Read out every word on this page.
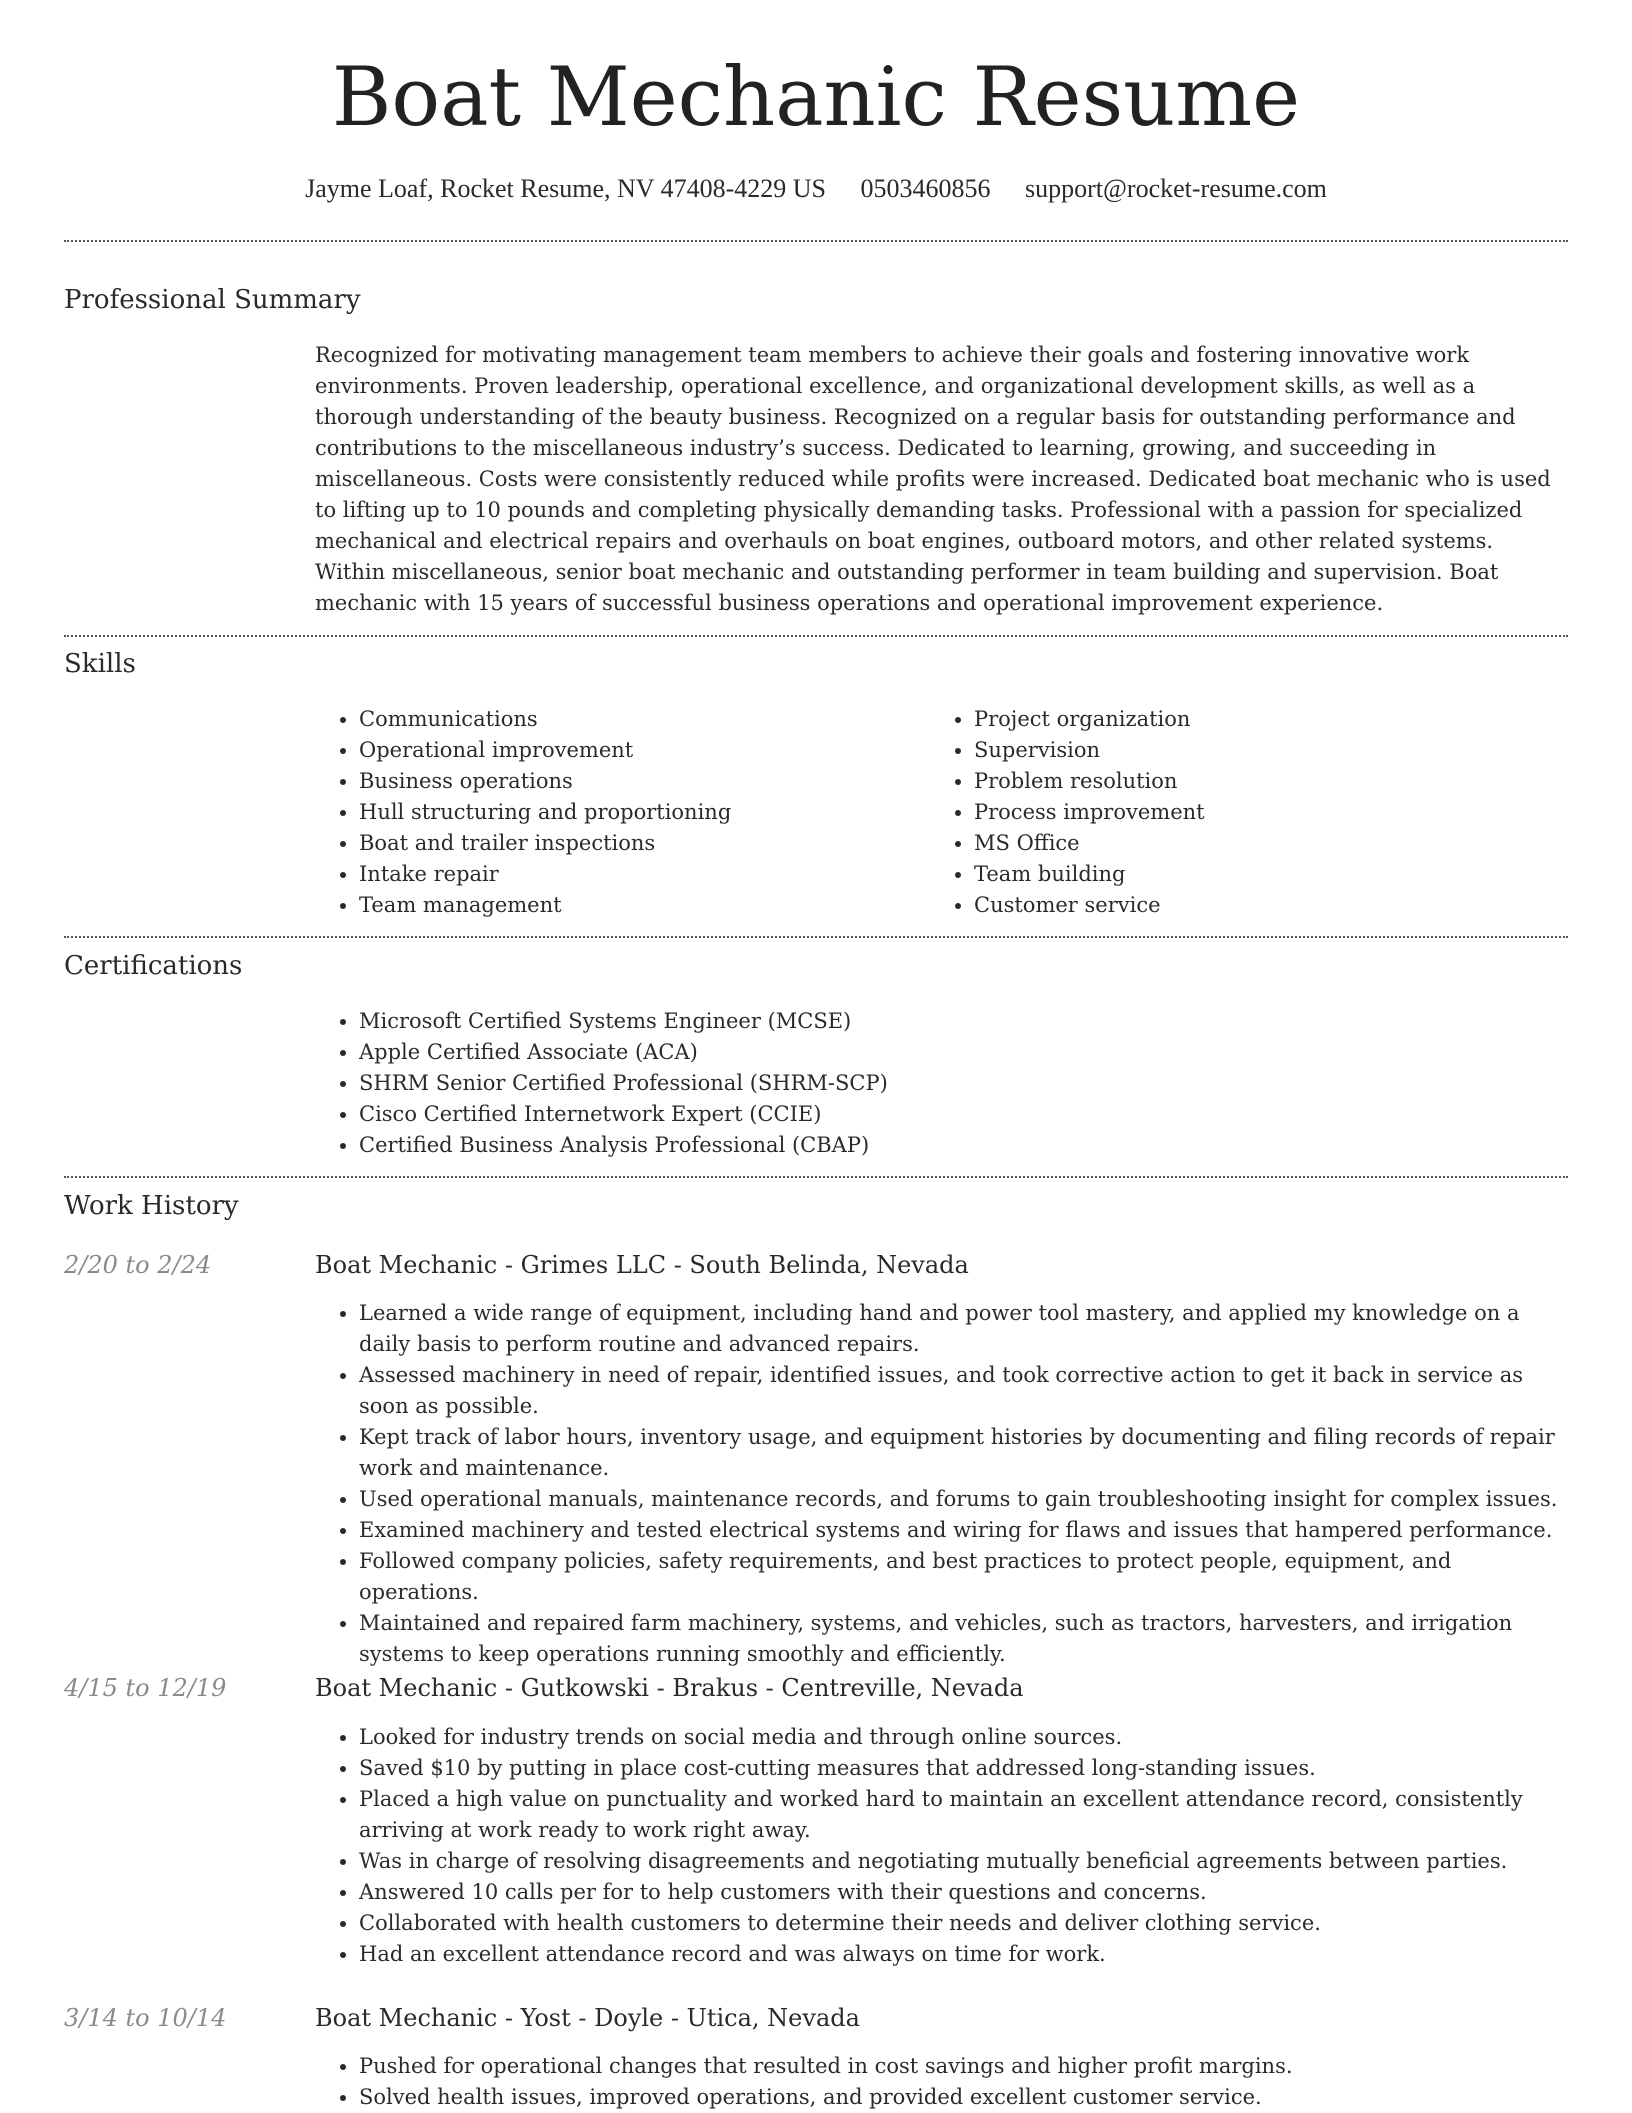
Boat Mechanic Resume
Jayme Loaf, Rocket Resume, NV 47408-4229 US 0503460856 support@rocket-resume.com
Professional Summary

Recognized for motivating management team members to achieve their goals and fostering innovative work environments. Proven leadership, operational excellence, and organizational development skills, as well as a thorough understanding of the beauty business. Recognized on a regular basis for outstanding performance and contributions to the miscellaneous industry’s success. Dedicated to learning, growing, and succeeding in miscellaneous. Costs were consistently reduced while profits were increased. Dedicated boat mechanic who is used to lifting up to 10 pounds and completing physically demanding tasks. Professional with a passion for specialized mechanical and electrical repairs and overhauls on boat engines, outboard motors, and other related systems. Within miscellaneous, senior boat mechanic and outstanding performer in team building and supervision. Boat mechanic with 15 years of successful business operations and operational improvement experience.

Skills
• Communications
• Operational improvement
• Business operations
• Hull structuring and proportioning
• Boat and trailer inspections
• Intake repair
• Team management
• Project organization
• Supervision
• Problem resolution
• Process improvement
• MS Office
• Team building
• Customer service
Certifications
• Microsoft Certified Systems Engineer (MCSE)
• Apple Certified Associate (ACA)
• SHRM Senior Certified Professional (SHRM-SCP)
• Cisco Certified Internetwork Expert (CCIE)
• Certified Business Analysis Professional (CBAP)
Work History
2/20 to 2/24	Boat Mechanic - Grimes LLC - South Belinda, Nevada
• Learned a wide range of equipment, including hand and power tool mastery, and applied my knowledge on a daily basis to perform routine and advanced repairs.
• Assessed machinery in need of repair, identified issues, and took corrective action to get it back in service as soon as possible.
• Kept track of labor hours, inventory usage, and equipment histories by documenting and filing records of repair work and maintenance.
• Used operational manuals, maintenance records, and forums to gain troubleshooting insight for complex issues.
• Examined machinery and tested electrical systems and wiring for flaws and issues that hampered performance.
• Followed company policies, safety requirements, and best practices to protect people, equipment, and operations.
• Maintained and repaired farm machinery, systems, and vehicles, such as tractors, harvesters, and irrigation systems to keep operations running smoothly and efficiently.
4/15 to 12/19	Boat Mechanic - Gutkowski - Brakus - Centreville, Nevada
• Looked for industry trends on social media and through online sources.
• Saved $10 by putting in place cost-cutting measures that addressed long-standing issues.
• Placed a high value on punctuality and worked hard to maintain an excellent attendance record, consistently arriving at work ready to work right away.
• Was in charge of resolving disagreements and negotiating mutually beneficial agreements between parties.
• Answered 10 calls per for to help customers with their questions and concerns.
• Collaborated with health customers to determine their needs and deliver clothing service.
• Had an excellent attendance record and was always on time for work.
3/14 to 10/14	Boat Mechanic - Yost - Doyle - Utica, Nevada
• Pushed for operational changes that resulted in cost savings and higher profit margins.
• Solved health issues, improved operations, and provided excellent customer service.
